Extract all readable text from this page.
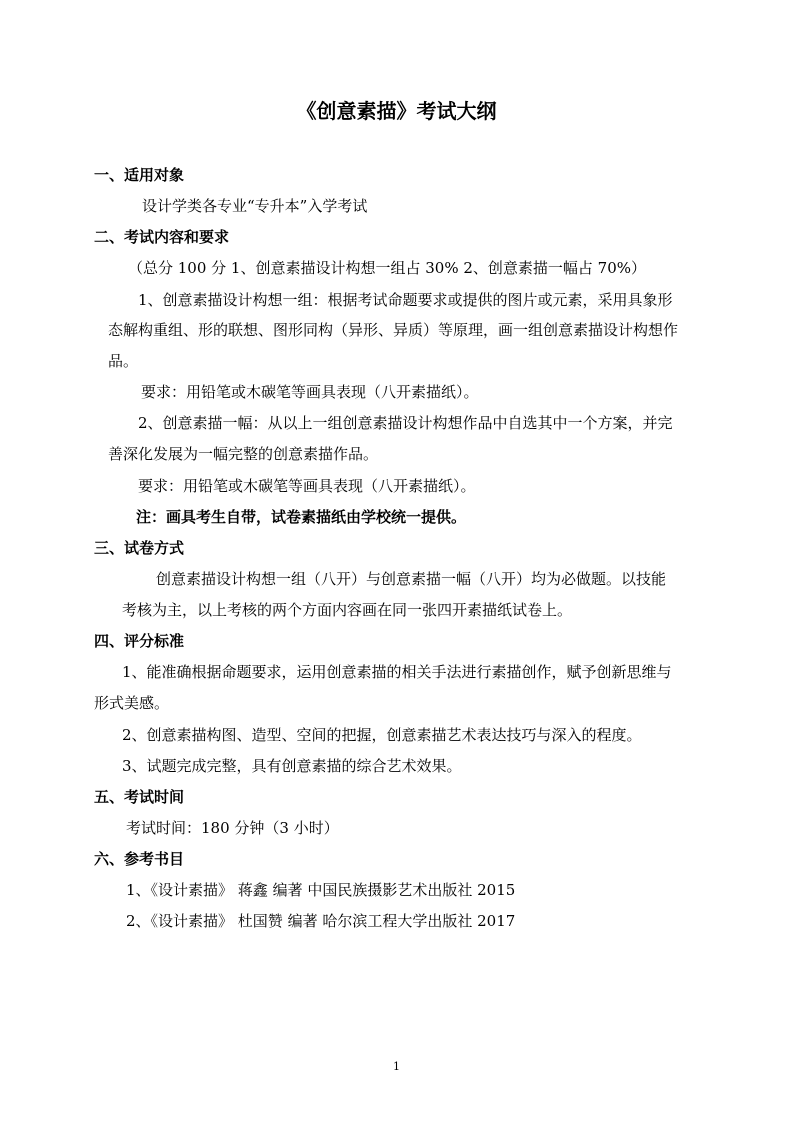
《创意素描》考试大纲
一、适用对象
设计学类各专业“专升本”入学考试
二、考试内容和要求
（总分 100 分 1、创意素描设计构想一组占 30% 2、创意素描一幅占 70%）
1、创意素描设计构想一组：根据考试命题要求或提供的图片或元素，采用具象形
态解构重组、形的联想、图形同构（异形、异质）等原理，画一组创意素描设计构想作
品。
要求：用铅笔或木碳笔等画具表现（八开素描纸）。
2、创意素描一幅：从以上一组创意素描设计构想作品中自选其中一个方案，并完
善深化发展为一幅完整的创意素描作品。
要求：用铅笔或木碳笔等画具表现（八开素描纸）。
注：画具考生自带，试卷素描纸由学校统一提供。
三、试卷方式
创意素描设计构想一组（八开）与创意素描一幅（八开）均为必做题。以技能
考核为主，以上考核的两个方面内容画在同一张四开素描纸试卷上。
四、评分标准
1、能准确根据命题要求，运用创意素描的相关手法进行素描创作，赋予创新思维与
形式美感。
2、创意素描构图、造型、空间的把握，创意素描艺术表达技巧与深入的程度。
3、试题完成完整，具有创意素描的综合艺术效果。
五、考试时间
考试时间：180 分钟（3 小时）
六、参考书目
1、《设计素描》 蒋鑫 编著 中国民族摄影艺术出版社 2015
2、《设计素描》 杜国赞 编著 哈尔滨工程大学出版社 2017
1
